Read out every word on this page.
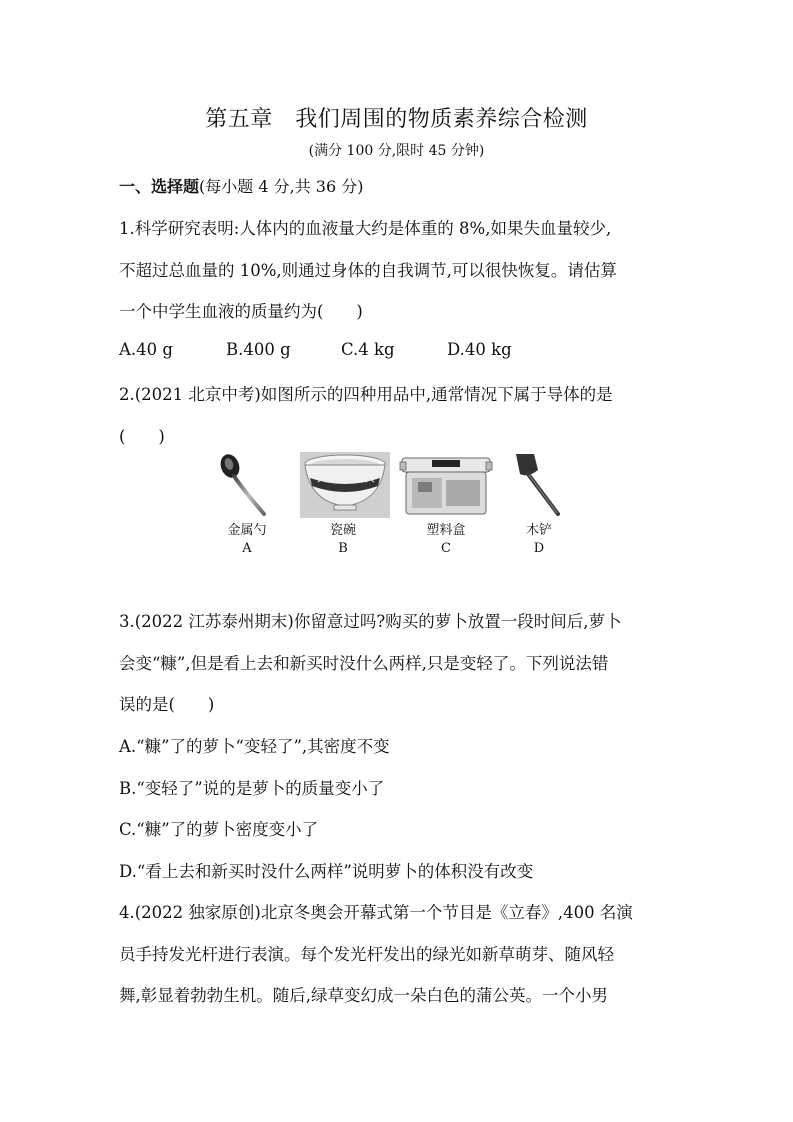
第五章　我们周围的物质素养综合检测
(满分 100 分,限时 45 分钟)
一、选择题(每小题 4 分,共 36 分)
1.科学研究表明:人体内的血液量大约是体重的 8%,如果失血量较少,
不超过总血量的 10%,则通过身体的自我调节,可以很快恢复。请估算
一个中学生血液的质量约为(　　)
A.40 g	B.400 g	C.4 kg	D.40 kg
2.(2021 北京中考)如图所示的四种用品中,通常情况下属于导体的是
(　　)
金属勺
A
瓷碗
B
塑料盒
C
木铲
D
3.(2022 江苏泰州期末)你留意过吗?购买的萝卜放置一段时间后,萝卜
会变“糠”,但是看上去和新买时没什么两样,只是变轻了。下列说法错
误的是(　　)
A.“糠”了的萝卜“变轻了”,其密度不变
B.“变轻了”说的是萝卜的质量变小了
C.“糠”了的萝卜密度变小了
D.“看上去和新买时没什么两样”说明萝卜的体积没有改变
4.(2022 独家原创)北京冬奥会开幕式第一个节目是《立春》,400 名演
员手持发光杆进行表演。每个发光杆发出的绿光如新草萌芽、随风轻
舞,彰显着勃勃生机。随后,绿草变幻成一朵白色的蒲公英。一个小男
